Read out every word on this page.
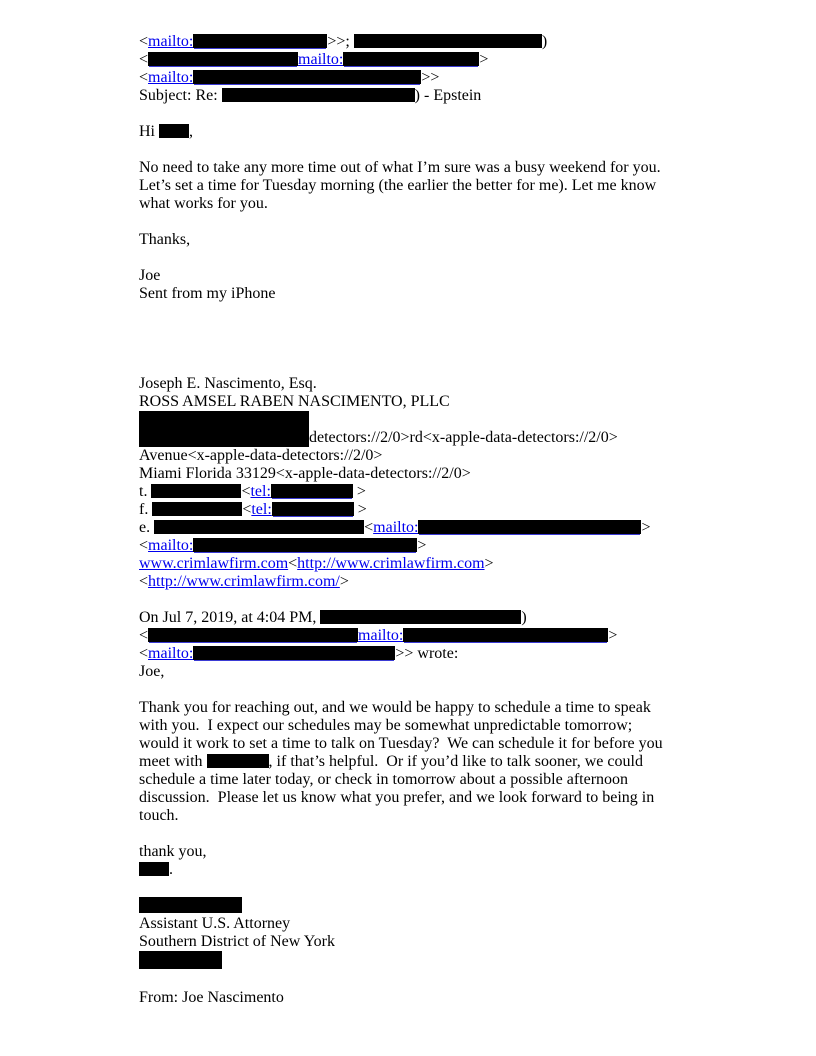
<mailto:	>>;	)
<	mailto:	>
<mailto:	>>
Subject: Re:	) - Epstein
Hi ,
No need to take any more time out of what I’m sure was a busy weekend for you.
Let’s set a time for Tuesday morning (the earlier the better for me). Let me know
what works for you.
Thanks,
Joe
Sent from my iPhone
Joseph E. Nascimento, Esq.
ROSS AMSEL RABEN NASCIMENTO, PLLC
detectors://2/0>rd<x-apple-data-detectors://2/0>
Avenue<x-apple-data-detectors://2/0>
Miami Florida 33129<x-apple-data-detectors://2/0>
t.	<tel:	>
f.	<tel:	>
e.	<mailto:	>
<mailto:	>
www.crimlawfirm.com<http://www.crimlawfirm.com>
<http://www.crimlawfirm.com/>
On Jul 7, 2019, at 4:04 PM,	)
<	mailto:	>
<mailto:	>> wrote:
Joe,
Thank you for reaching out, and we would be happy to schedule a time to speak
with you.  I expect our schedules may be somewhat unpredictable tomorrow;
would it work to set a time to talk on Tuesday?  We can schedule it for before you
meet with	, if that’s helpful.  Or if you’d like to talk sooner, we could
schedule a time later today, or check in tomorrow about a possible afternoon
discussion.  Please let us know what you prefer, and we look forward to being in
touch.
thank you,
.
Assistant U.S. Attorney
Southern District of New York
From: Joe Nascimento
